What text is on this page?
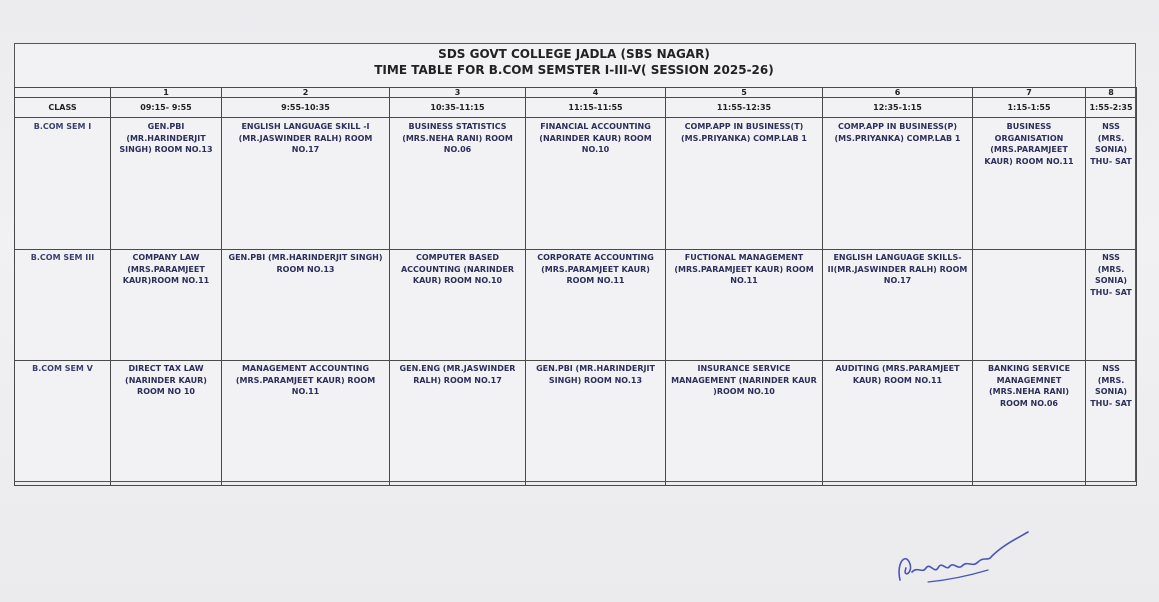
SDS GOVT COLLEGE JADLA (SBS NAGAR)
TIME TABLE FOR B.COM SEMSTER I-III-V( SESSION 2025-26)
	1	2	3	4	5	6	7	8
CLASS	09:15- 9:55	9:55-10:35	10:35-11:15	11:15-11:55	11:55-12:35	12:35-1:15	1:15-1:55	1:55-2:35
B.COM SEM I	GEN.PBI (MR.HARINDERJIT SINGH) ROOM NO.13	ENGLISH LANGUAGE SKILL -I (MR.JASWINDER RALH) ROOM NO.17	BUSINESS STATISTICS (MRS.NEHA RANI) ROOM NO.06	FINANCIAL ACCOUNTING (NARINDER KAUR) ROOM NO.10	COMP.APP IN BUSINESS(T) (MS.PRIYANKA) COMP.LAB 1	COMP.APP IN BUSINESS(P) (MS.PRIYANKA) COMP.LAB 1	BUSINESS ORGANISATION (MRS.PARAMJEET KAUR) ROOM NO.11	NSS (MRS. SONIA) THU- SAT
B.COM SEM III	COMPANY LAW (MRS.PARAMJEET KAUR)ROOM NO.11	GEN.PBI (MR.HARINDERJIT SINGH) ROOM NO.13	COMPUTER BASED ACCOUNTING (NARINDER KAUR) ROOM NO.10	CORPORATE ACCOUNTING (MRS.PARAMJEET KAUR) ROOM NO.11	FUCTIONAL MANAGEMENT (MRS.PARAMJEET KAUR) ROOM NO.11	ENGLISH LANGUAGE SKILLS-II(MR.JASWINDER RALH) ROOM NO.17		NSS (MRS. SONIA) THU- SAT
B.COM SEM V	DIRECT TAX LAW (NARINDER KAUR) ROOM NO 10	MANAGEMENT ACCOUNTING (MRS.PARAMJEET KAUR) ROOM NO.11	GEN.ENG (MR.JASWINDER RALH) ROOM NO.17	GEN.PBI (MR.HARINDERJIT SINGH) ROOM NO.13	INSURANCE SERVICE MANAGEMENT (NARINDER KAUR )ROOM NO.10	AUDITING (MRS.PARAMJEET KAUR) ROOM NO.11	BANKING SERVICE MANAGEMNET (MRS.NEHA RANI) ROOM NO.06	NSS (MRS. SONIA) THU- SAT
